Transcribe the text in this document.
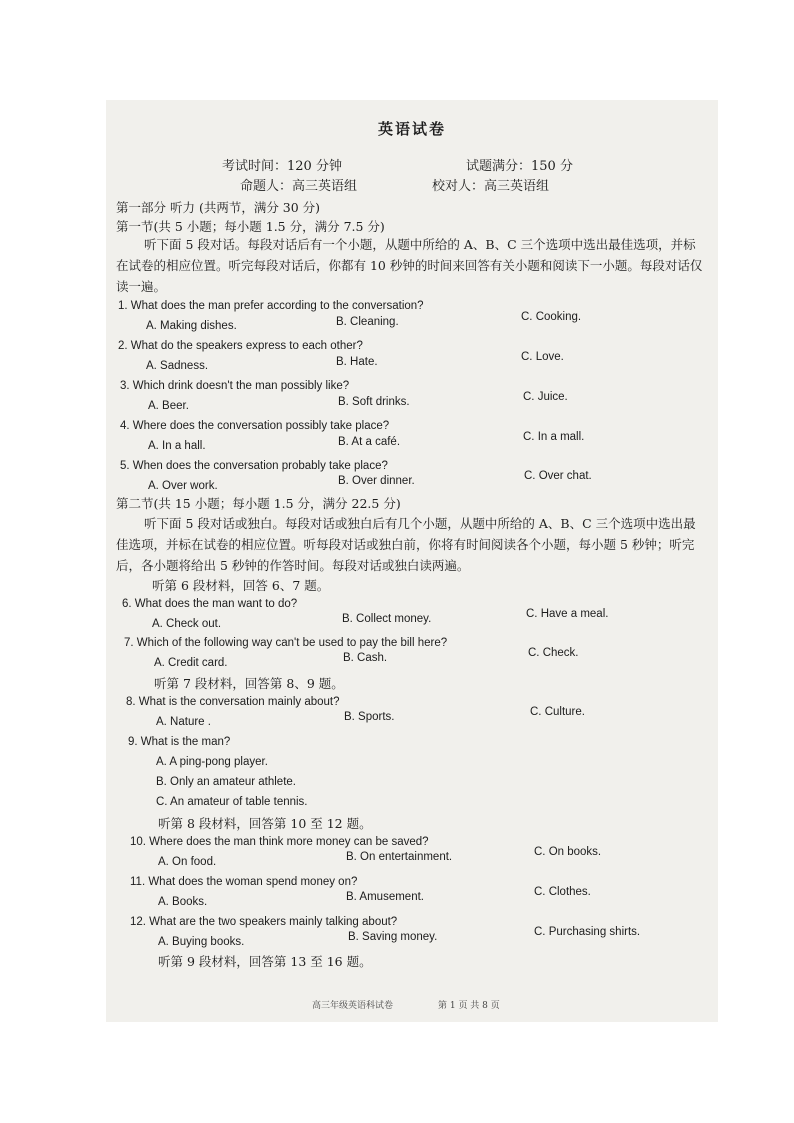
英语试卷
考试时间：120 分钟	试题满分：150 分
命题人：高三英语组	校对人：高三英语组
第一部分 听力 (共两节，满分 30 分)
第一节(共 5 小题；每小题 1.5 分，满分 7.5 分)
听下面 5 段对话。每段对话后有一个小题，从题中所给的 A、B、C 三个选项中选出最佳选项，并标在试卷的相应位置。听完每段对话后，你都有 10 秒钟的时间来回答有关小题和阅读下一小题。每段对话仅读一遍。
1. What does the man prefer according to the conversation?
A. Making dishes.	B. Cleaning.	C. Cooking.
2. What do the speakers express to each other?
A. Sadness.	B. Hate.	C. Love.
3. Which drink doesn't the man possibly like?
A. Beer.	B. Soft drinks.	C. Juice.
4. Where does the conversation possibly take place?
A. In a hall.	B. At a café.	C. In a mall.
5. When does the conversation probably take place?
A. Over work.	B. Over dinner.	C. Over chat.
第二节(共 15 小题；每小题 1.5 分，满分 22.5 分)
听下面 5 段对话或独白。每段对话或独白后有几个小题，从题中所给的 A、B、C 三个选项中选出最佳选项，并标在试卷的相应位置。听每段对话或独白前，你将有时间阅读各个小题，每小题 5 秒钟；听完后，各小题将给出 5 秒钟的作答时间。每段对话或独白读两遍。
听第 6 段材料，回答 6、7 题。
6. What does the man want to do?
A. Check out.	B. Collect money.	C. Have a meal.
7. Which of the following way can't be used to pay the bill here?
A. Credit card.	B. Cash.	C. Check.
听第 7 段材料，回答第 8、9 题。
8. What is the conversation mainly about?
A. Nature .	B. Sports.	C. Culture.
9. What is the man?
A. A ping-pong player.
B. Only an amateur athlete.
C. An amateur of table tennis.
听第 8 段材料，回答第 10 至 12 题。
10. Where does the man think more money can be saved?
A. On food.	B. On entertainment.	C. On books.
11. What does the woman spend money on?
A. Books.	B. Amusement.	C. Clothes.
12. What are the two speakers mainly talking about?
A. Buying books.	B. Saving money.	C. Purchasing shirts.
听第 9 段材料，回答第 13 至 16 题。
高三年级英语科试卷	第 1 页 共 8 页
